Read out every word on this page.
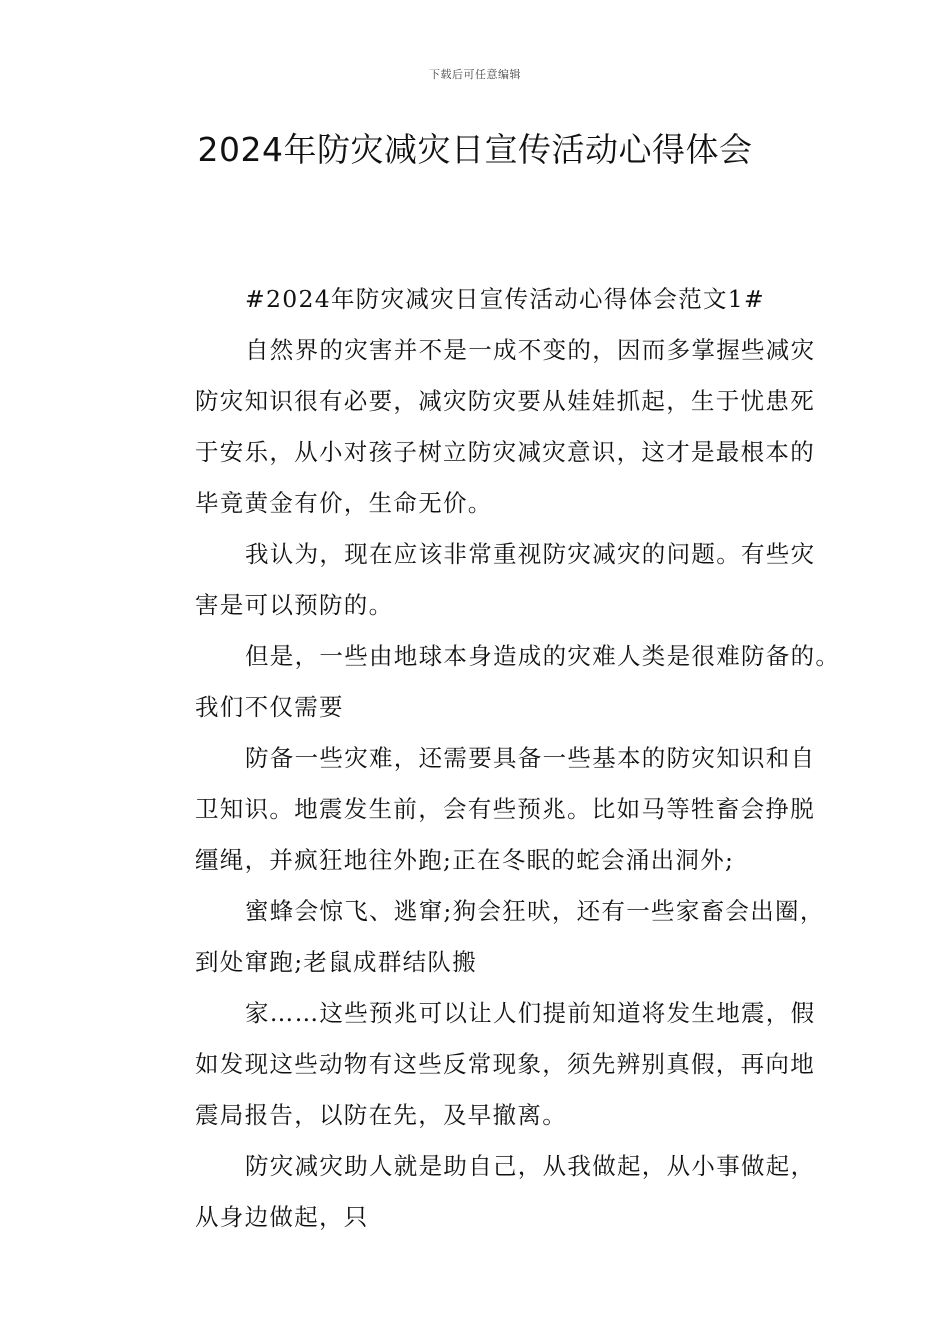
下载后可任意编辑
2024年防灾减灾日宣传活动心得体会
#2024年防灾减灾日宣传活动心得体会范文1#
自然界的灾害并不是一成不变的，因而多掌握些减灾
防灾知识很有必要，减灾防灾要从娃娃抓起，生于忧患死
于安乐，从小对孩子树立防灾减灾意识，这才是最根本的
毕竟黄金有价，生命无价。
我认为，现在应该非常重视防灾减灾的问题。有些灾
害是可以预防的。
但是，一些由地球本身造成的灾难人类是很难防备的。
我们不仅需要
防备一些灾难，还需要具备一些基本的防灾知识和自
卫知识。地震发生前，会有些预兆。比如马等牲畜会挣脱
缰绳，并疯狂地往外跑;正在冬眠的蛇会涌出洞外;
蜜蜂会惊飞、逃窜;狗会狂吠，还有一些家畜会出圈，
到处窜跑;老鼠成群结队搬
家……这些预兆可以让人们提前知道将发生地震，假
如发现这些动物有这些反常现象，须先辨别真假，再向地
震局报告，以防在先，及早撤离。
防灾减灾助人就是助自己，从我做起，从小事做起，
从身边做起，只
